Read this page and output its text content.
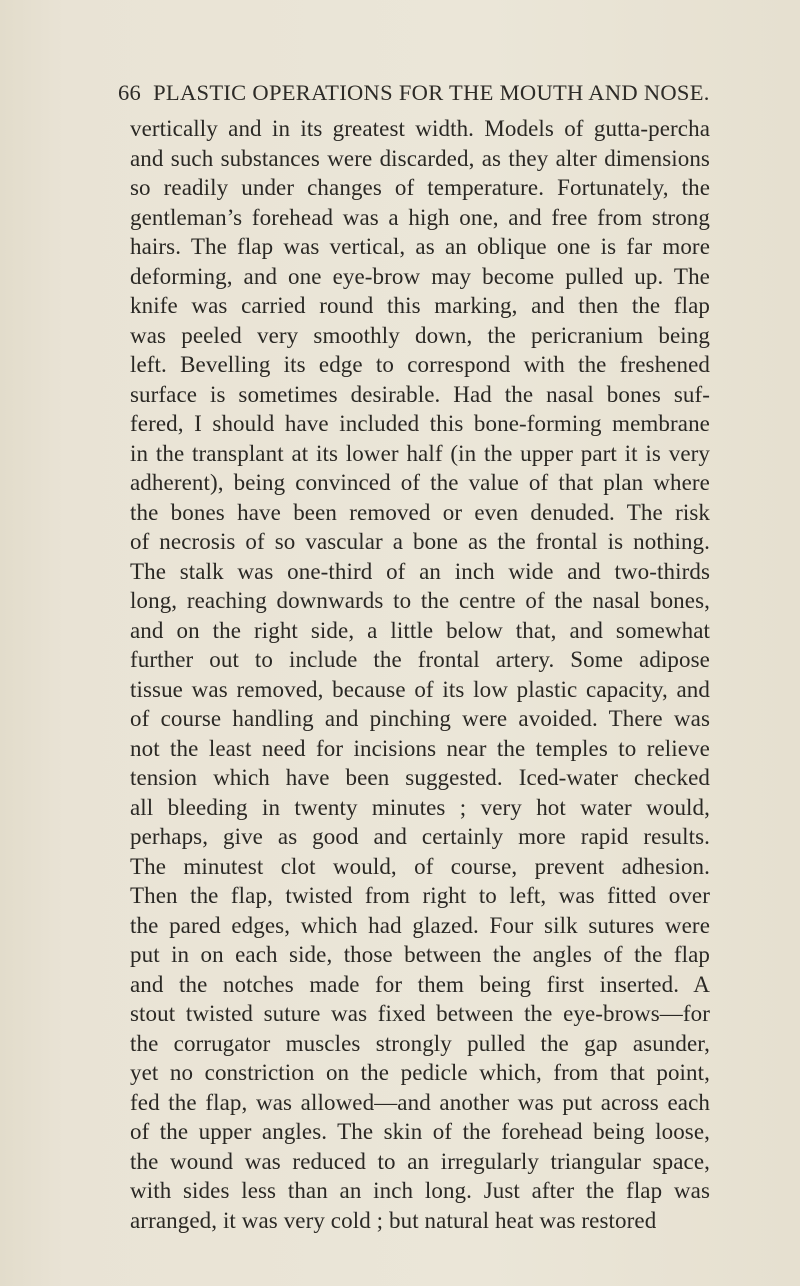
66 PLASTIC OPERATIONS FOR THE MOUTH AND NOSE.
vertically and in its greatest width. Models of gutta-percha
and such substances were discarded, as they alter dimensions
so readily under changes of temperature. Fortunately, the
gentleman’s forehead was a high one, and free from strong
hairs. The flap was vertical, as an oblique one is far more
deforming, and one eye-brow may become pulled up. The
knife was carried round this marking, and then the flap
was peeled very smoothly down, the pericranium being
left. Bevelling its edge to correspond with the freshened
surface is sometimes desirable. Had the nasal bones suf-
fered, I should have included this bone-forming membrane
in the transplant at its lower half (in the upper part it is very
adherent), being convinced of the value of that plan where
the bones have been removed or even denuded. The risk
of necrosis of so vascular a bone as the frontal is nothing.
The stalk was one-third of an inch wide and two-thirds
long, reaching downwards to the centre of the nasal bones,
and on the right side, a little below that, and somewhat
further out to include the frontal artery. Some adipose
tissue was removed, because of its low plastic capacity, and
of course handling and pinching were avoided. There was
not the least need for incisions near the temples to relieve
tension which have been suggested. Iced-water checked
all bleeding in twenty minutes ; very hot water would,
perhaps, give as good and certainly more rapid results.
The minutest clot would, of course, prevent adhesion.
Then the flap, twisted from right to left, was fitted over
the pared edges, which had glazed. Four silk sutures were
put in on each side, those between the angles of the flap
and the notches made for them being first inserted. A
stout twisted suture was fixed between the eye-brows—for
the corrugator muscles strongly pulled the gap asunder,
yet no constriction on the pedicle which, from that point,
fed the flap, was allowed—and another was put across each
of the upper angles. The skin of the forehead being loose,
the wound was reduced to an irregularly triangular space,
with sides less than an inch long. Just after the flap was
arranged, it was very cold ; but natural heat was restored
